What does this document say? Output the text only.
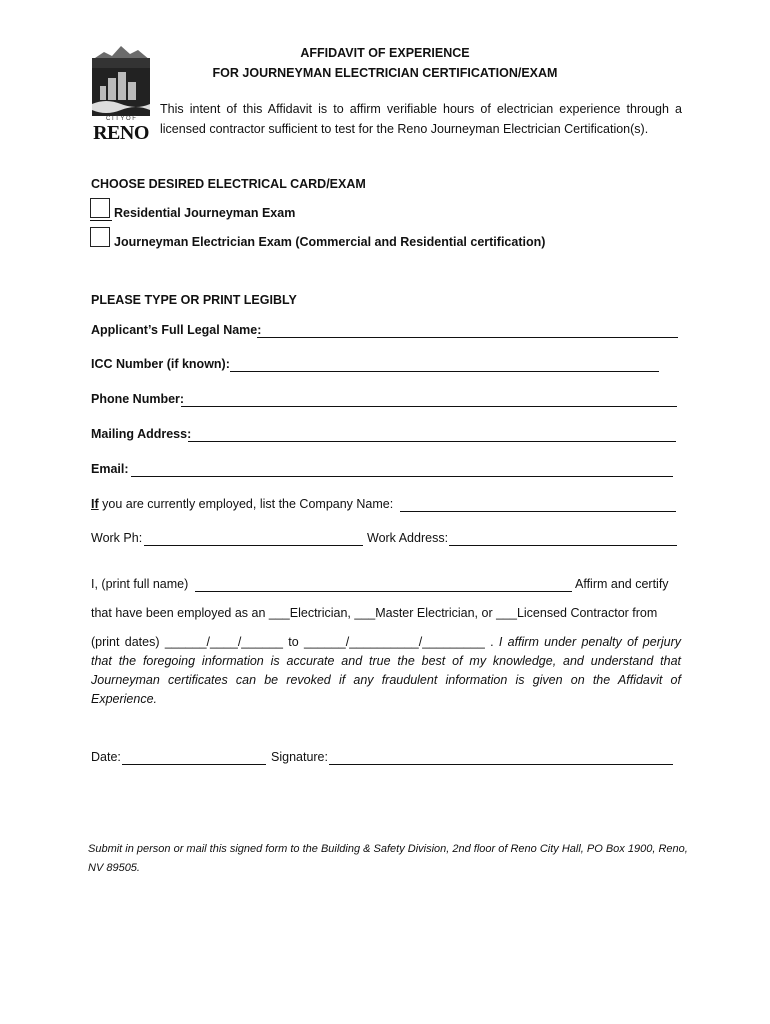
C I T Y O F
RENO
AFFIDAVIT OF EXPERIENCE
FOR JOURNEYMAN ELECTRICIAN CERTIFICATION/EXAM
This intent of this Affidavit is to affirm verifiable hours of electrician experience through a licensed contractor sufficient to test for the Reno Journeyman Electrician Certification(s).
CHOOSE DESIRED ELECTRICAL CARD/EXAM
Residential Journeyman Exam
Journeyman Electrician Exam (Commercial and Residential certification)
PLEASE TYPE OR PRINT LEGIBLY
Applicant’s Full Legal Name:
ICC Number (if known):
Phone Number:
Mailing Address:
Email:
If you are currently employed, list the Company Name:
Work Ph:	Work Address:
I, (print full name)	Affirm and certify
that have been employed as an ___Electrician, ___Master Electrician, or ___Licensed Contractor from
(print dates) ______/____/______ to ______/__________/_________ . I affirm under penalty of perjury that the foregoing information is accurate and true the best of my knowledge, and understand that Journeyman certificates can be revoked if any fraudulent information is given on the Affidavit of Experience.
Date:	Signature:
Submit in person or mail this signed form to the Building & Safety Division, 2nd floor of Reno City Hall, PO Box 1900, Reno, NV 89505.
